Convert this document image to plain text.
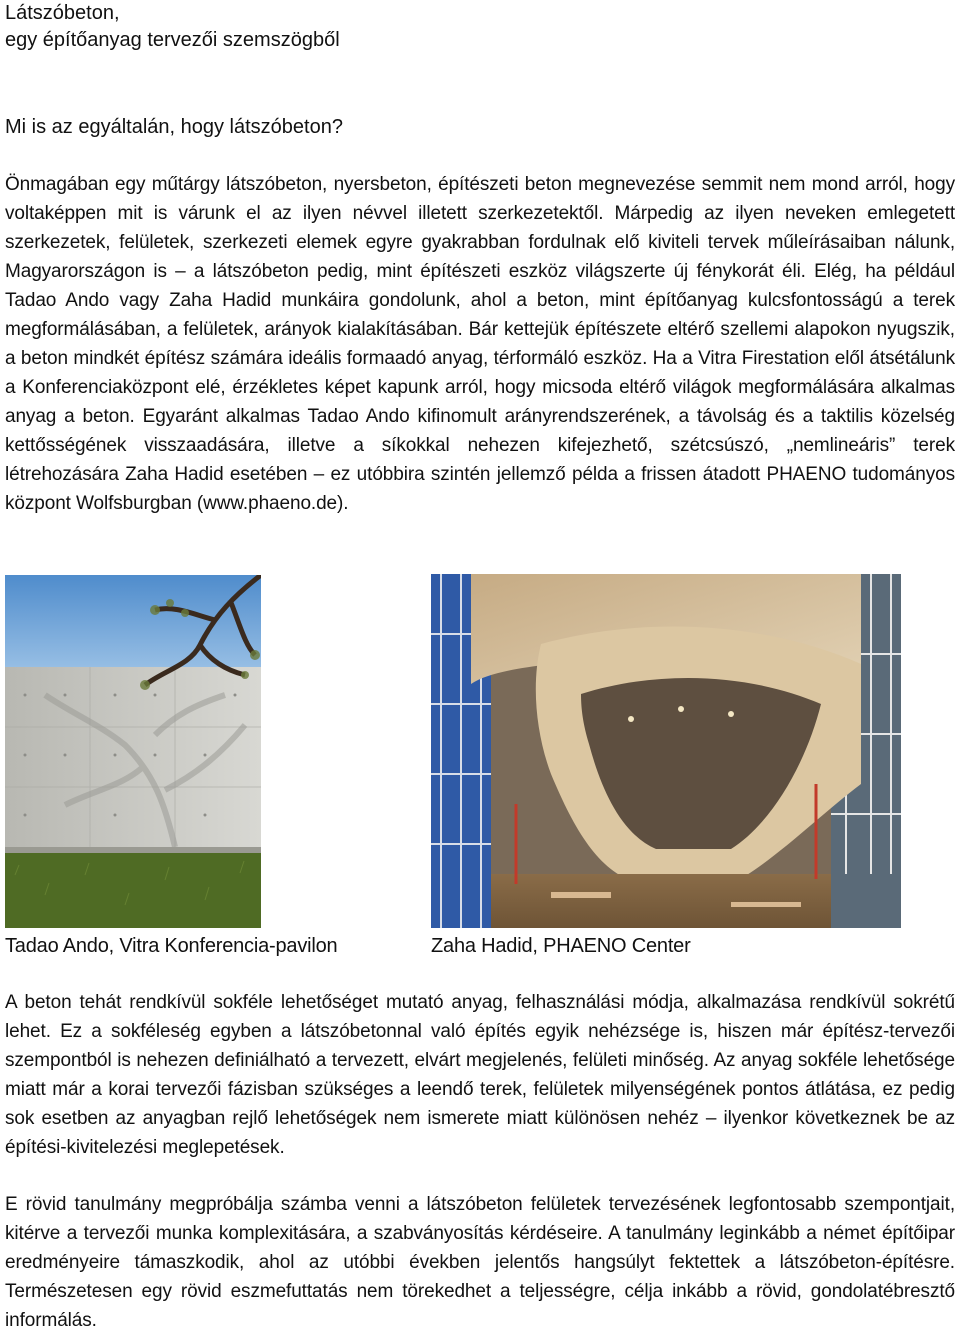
Látszóbeton,
egy építőanyag tervezői szemszögből

Mi is az egyáltalán, hogy látszóbeton?

Önmagában egy műtárgy látszóbeton, nyersbeton, építészeti beton megnevezése semmit nem mond arról, hogy voltaképpen mit is várunk el az ilyen névvel illetett szerkezetektől. Márpedig az ilyen neveken emlegetett szerkezetek, felületek, szerkezeti elemek egyre gyakrabban fordulnak elő kiviteli tervek műleírásaiban nálunk, Magyarországon is – a látszóbeton pedig, mint építészeti eszköz világszerte új fénykorát éli. Elég, ha például Tadao Ando vagy Zaha Hadid munkáira gondolunk, ahol a beton, mint építőanyag kulcsfontosságú a terek megformálásában, a felületek, arányok kialakításában. Bár kettejük építészete eltérő szellemi alapokon nyugszik, a beton mindkét építész számára ideális formaadó anyag, térformáló eszköz. Ha a Vitra Firestation elől átsétálunk a Konferenciaközpont elé, érzékletes képet kapunk arról, hogy micsoda eltérő világok megformálására alkalmas anyag a beton. Egyaránt alkalmas Tadao Ando kifinomult arányrendszerének, a távolság és a taktilis közelség kettősségének visszaadására, illetve a síkokkal nehezen kifejezhető, szétcsúszó, „nemlineáris” terek létrehozására Zaha Hadid esetében – ez utóbbira szintén jellemző példa a frissen átadott PHAENO tudományos központ Wolfsburgban (www.phaeno.de).

Tadao Ando, Vitra Konferencia-pavilon	Zaha Hadid, PHAENO Center

A beton tehát rendkívül sokféle lehetőséget mutató anyag, felhasználási módja, alkalmazása rendkívül sokrétű lehet. Ez a sokféleség egyben a látszóbetonnal való építés egyik nehézsége is, hiszen már építész-tervezői szempontból is nehezen definiálható a tervezett, elvárt megjelenés, felületi minőség. Az anyag sokféle lehetősége miatt már a korai tervezői fázisban szükséges a leendő terek, felületek milyenségének pontos átlátása, ez pedig sok esetben az anyagban rejlő lehetőségek nem ismerete miatt különösen nehéz – ilyenkor következnek be az építési-kivitelezési meglepetések.

E rövid tanulmány megpróbálja számba venni a látszóbeton felületek tervezésének legfontosabb szempontjait, kitérve a tervezői munka komplexitására, a szabványosítás kérdéseire. A tanulmány leginkább a német építőipar eredményeire támaszkodik, ahol az utóbbi években jelentős hangsúlyt fektettek a látszóbeton-építésre. Természetesen egy rövid eszmefuttatás nem törekedhet a teljességre, célja inkább a rövid, gondolatébresztő informálás.
